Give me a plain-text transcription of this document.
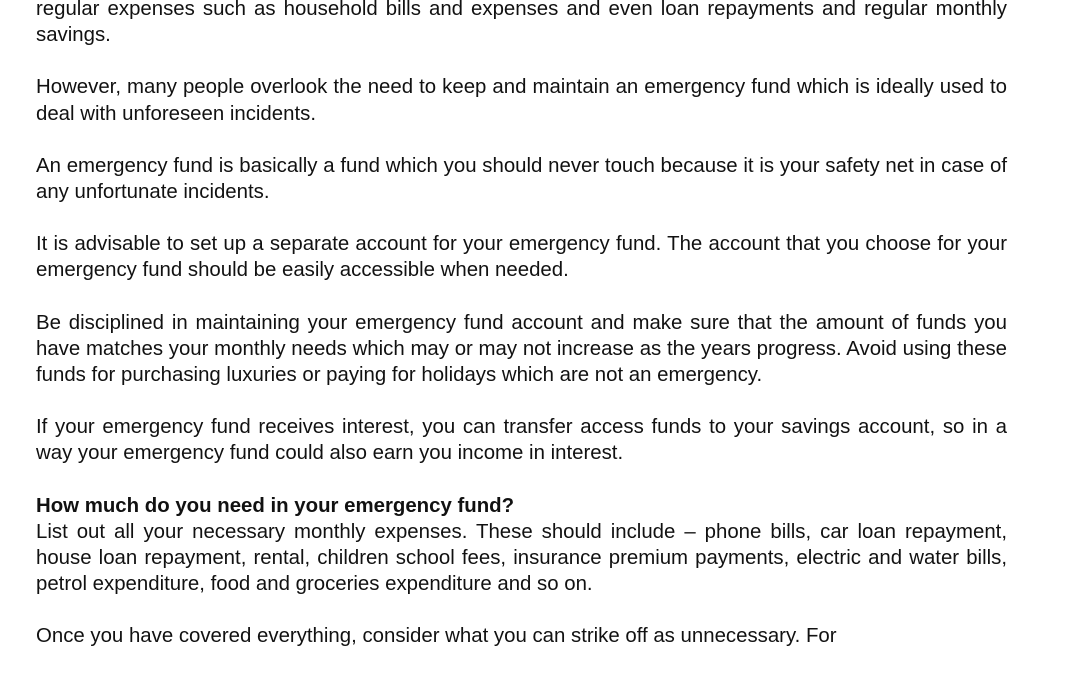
regular expenses such as household bills and expenses and even loan repayments and regular monthly savings.

However, many people overlook the need to keep and maintain an emergency fund which is ideally used to deal with unforeseen incidents.

An emergency fund is basically a fund which you should never touch because it is your safety net in case of any unfortunate incidents.

It is advisable to set up a separate account for your emergency fund. The account that you choose for your emergency fund should be easily accessible when needed.

Be disciplined in maintaining your emergency fund account and make sure that the amount of funds you have matches your monthly needs which may or may not increase as the years progress. Avoid using these funds for purchasing luxuries or paying for holidays which are not an emergency.

If your emergency fund receives interest, you can transfer access funds to your savings account, so in a way your emergency fund could also earn you income in interest.

How much do you need in your emergency fund?

List out all your necessary monthly expenses. These should include – phone bills, car loan repayment, house loan repayment, rental, children school fees, insurance premium payments, electric and water bills, petrol expenditure, food and groceries expenditure and so on.

Once you have covered everything, consider what you can strike off as unnecessary. For
